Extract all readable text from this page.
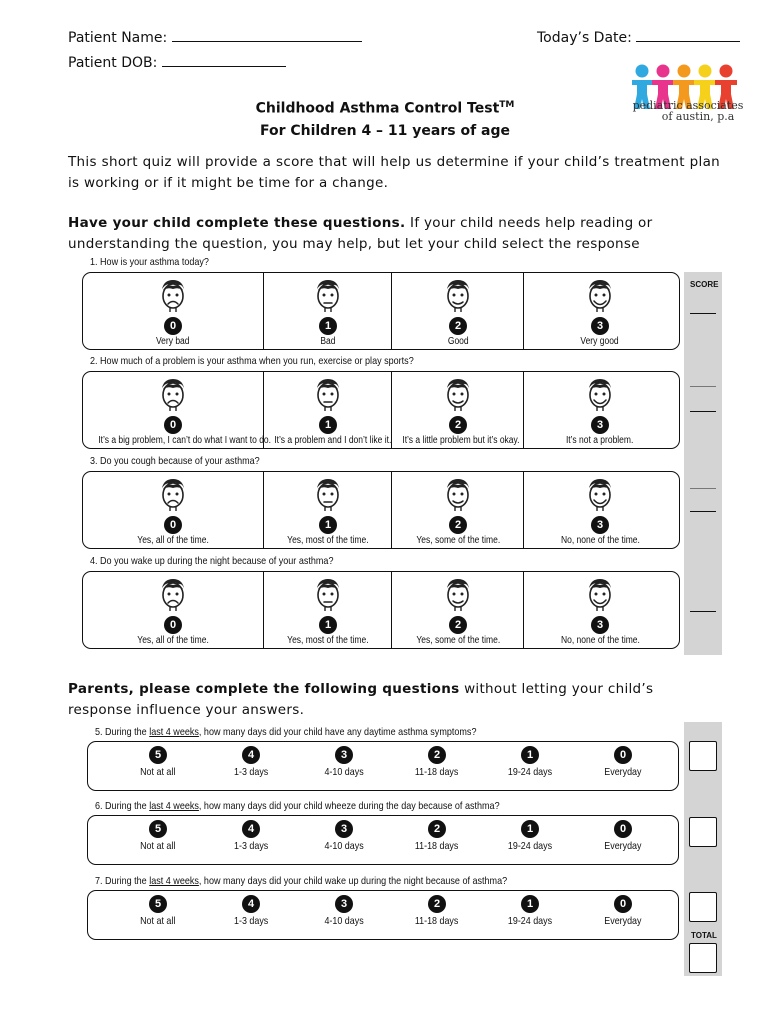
Patient Name:
Patient DOB:
Today’s Date:
pediatric associates
of austin, p.a
Childhood Asthma Control Test™
For Children 4 – 11 years of age
This short quiz will provide a score that will help us determine if your child’s treatment plan is working or if it might be time for a change.
Have your child complete these questions. If your child needs help reading or understanding the question, you may help, but let your child select the response
SCORE
1. How is your asthma today?
0
Very bad
1
Bad
2
Good
3
Very good
2. How much of a problem is your asthma when you run, exercise or play sports?
0
It’s a big problem, I can’t do what I want to do.
1
It’s a problem and I don’t like it.
2
It’s a little problem but it’s okay.
3
It’s not a problem.
3. Do you cough because of your asthma?
0
Yes, all of the time.
1
Yes, most of the time.
2
Yes, some of the time.
3
No, none of the time.
4. Do you wake up during the night because of your asthma?
0
Yes, all of the time.
1
Yes, most of the time.
2
Yes, some of the time.
3
No, none of the time.
Parents, please complete the following questions without letting your child’s response influence your answers.
TOTAL
5. During the last 4 weeks, how many days did your child have any daytime asthma symptoms?
5
Not at all
4
1-3 days
3
4-10 days
2
11-18 days
1
19-24 days
0
Everyday
6. During the last 4 weeks, how many days did your child wheeze during the day because of asthma?
5
Not at all
4
1-3 days
3
4-10 days
2
11-18 days
1
19-24 days
0
Everyday
7. During the last 4 weeks, how many days did your child wake up during the night because of asthma?
5
Not at all
4
1-3 days
3
4-10 days
2
11-18 days
1
19-24 days
0
Everyday
